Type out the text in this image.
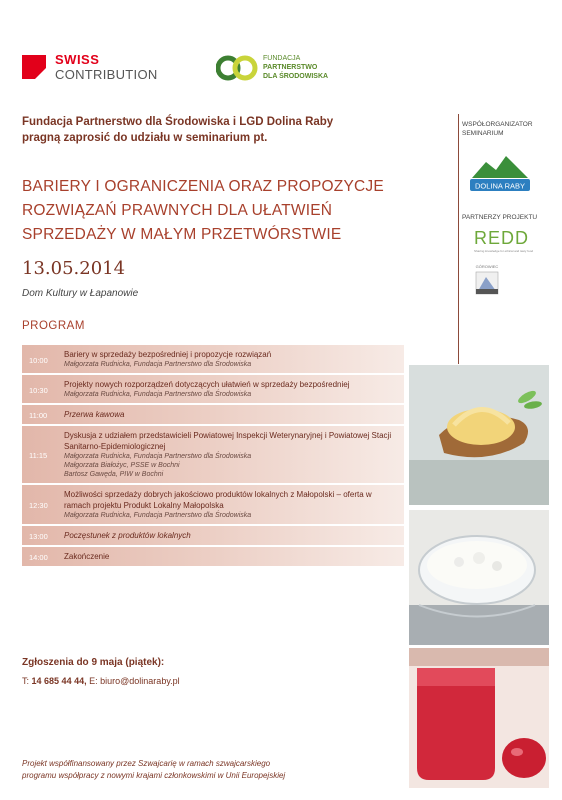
SWISS
CONTRIBUTION
FUNDACJA
PARTNERSTWO
DLA ŚRODOWISKA
Fundacja Partnerstwo dla Środowiska i LGD Dolina Raby
pragną zaprosić do udziału w seminarium pt.
BARIERY I OGRANICZENIA ORAZ PROPOZYCJE
ROZWIĄZAŃ PRAWNYCH DLA UŁATWIEŃ
SPRZEDAŻY W MAŁYM PRZETWÓRSTWIE
13.05.2014
Dom Kultury w Łapanowie
PROGRAM
WSPÓŁORGANIZATOR
SEMINARIUM
DOLINA RABY
PARTNERZY PROJEKTU
REDD
Sharing knowledge for ethical and tasty food
GÓROWIEC
10:00
Bariery w sprzedaży bezpośredniej i propozycje rozwiązań
Małgorzata Rudnicka, Fundacja Partnerstwo dla Środowiska
10:30
Projekty nowych rozporządzeń dotyczących ułatwień w sprzedaży bezpośredniej
Małgorzata Rudnicka, Fundacja Partnerstwo dla Środowiska
11:00 Przerwa kawowa
11:15
Dyskusja z udziałem przedstawicieli Powiatowej Inspekcji Weterynaryjnej i Powiatowej Stacji Sanitarno-Epidemiologicznej
Małgorzata Rudnicka, Fundacja Partnerstwo dla Środowiska
Małgorzata Białożyc, PSSE w Bochni
Bartosz Gawęda, PIW w Bochni
12:30
Możliwości sprzedaży dobrych jakościowo produktów lokalnych z Małopolski – oferta w ramach projektu Produkt Lokalny Małopolska
Małgorzata Rudnicka, Fundacja Partnerstwo dla Środowiska
13:00 Poczęstunek z produktów lokalnych
14:00 Zakończenie
Zgłoszenia do 9 maja (piątek):
T: 14 685 44 44, E: biuro@dolinaraby.pl
Projekt współfinansowany przez Szwajcarię w ramach szwajcarskiego
programu współpracy z nowymi krajami członkowskimi w Unii Europejskiej
